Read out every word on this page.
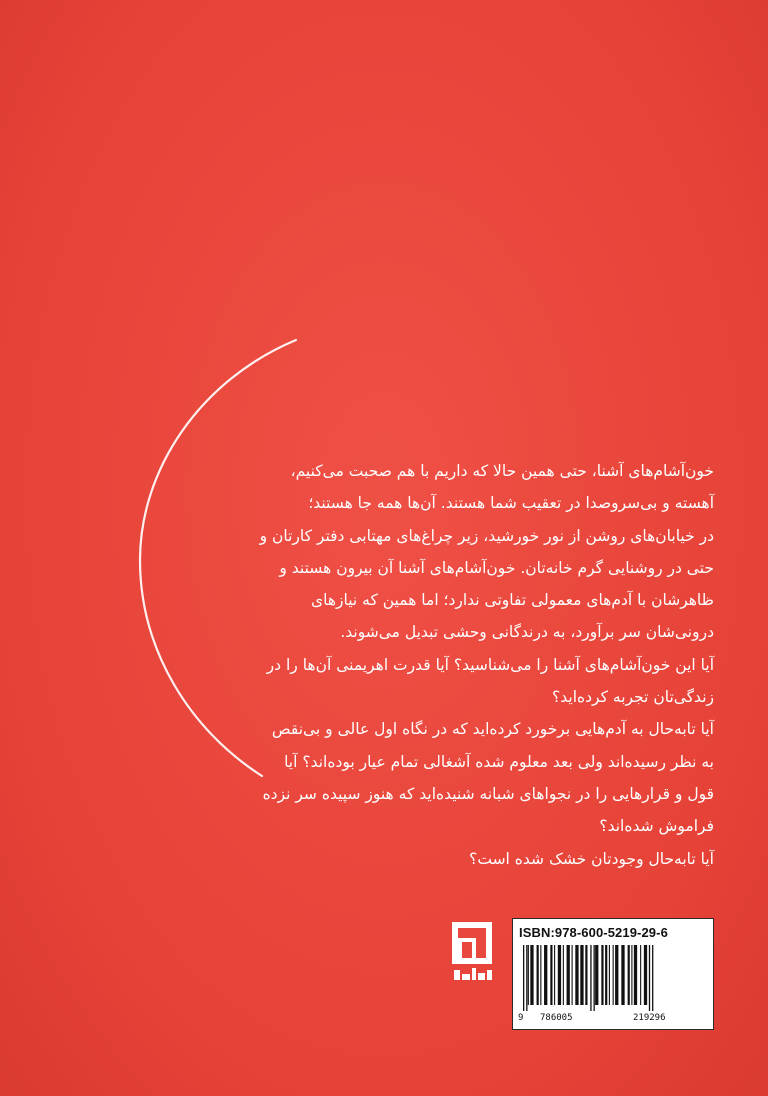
خون‌آشام‌های آشنا، حتی همین حالا که داریم با هم صحبت می‌کنیم،
آهسته و بی‌سروصدا در تعقیب شما هستند. آن‌ها همه جا هستند؛
در خیابان‌های روشن از نور خورشید، زیر چراغ‌های مهتابی دفتر کارتان و
حتی در روشنایی گرم خانه‌تان. خون‌آشام‌های آشنا آن بیرون هستند و
ظاهرشان با آدم‌های معمولی تفاوتی ندارد؛ اما همین که نیازهای
درونی‌شان سر برآورد، به درندگانی وحشی تبدیل می‌شوند.
آیا این خون‌آشام‌های آشنا را می‌شناسید؟ آیا قدرت اهریمنی آن‌ها را در
زندگی‌تان تجربه کرده‌اید؟
آیا تابه‌حال به آدم‌هایی برخورد کرده‌اید که در نگاه اول عالی و بی‌نقص
به نظر رسیده‌اند ولی بعد معلوم شده آشغالی تمام عیار بوده‌اند؟ آیا
قول و قرارهایی را در نجواهای شبانه شنیده‌اید که هنوز سپیده سر نزده
فراموش شده‌اند؟
آیا تابه‌حال وجودتان خشک شده است؟
ISBN:978-600-5219-29-6
9 786005	219296
